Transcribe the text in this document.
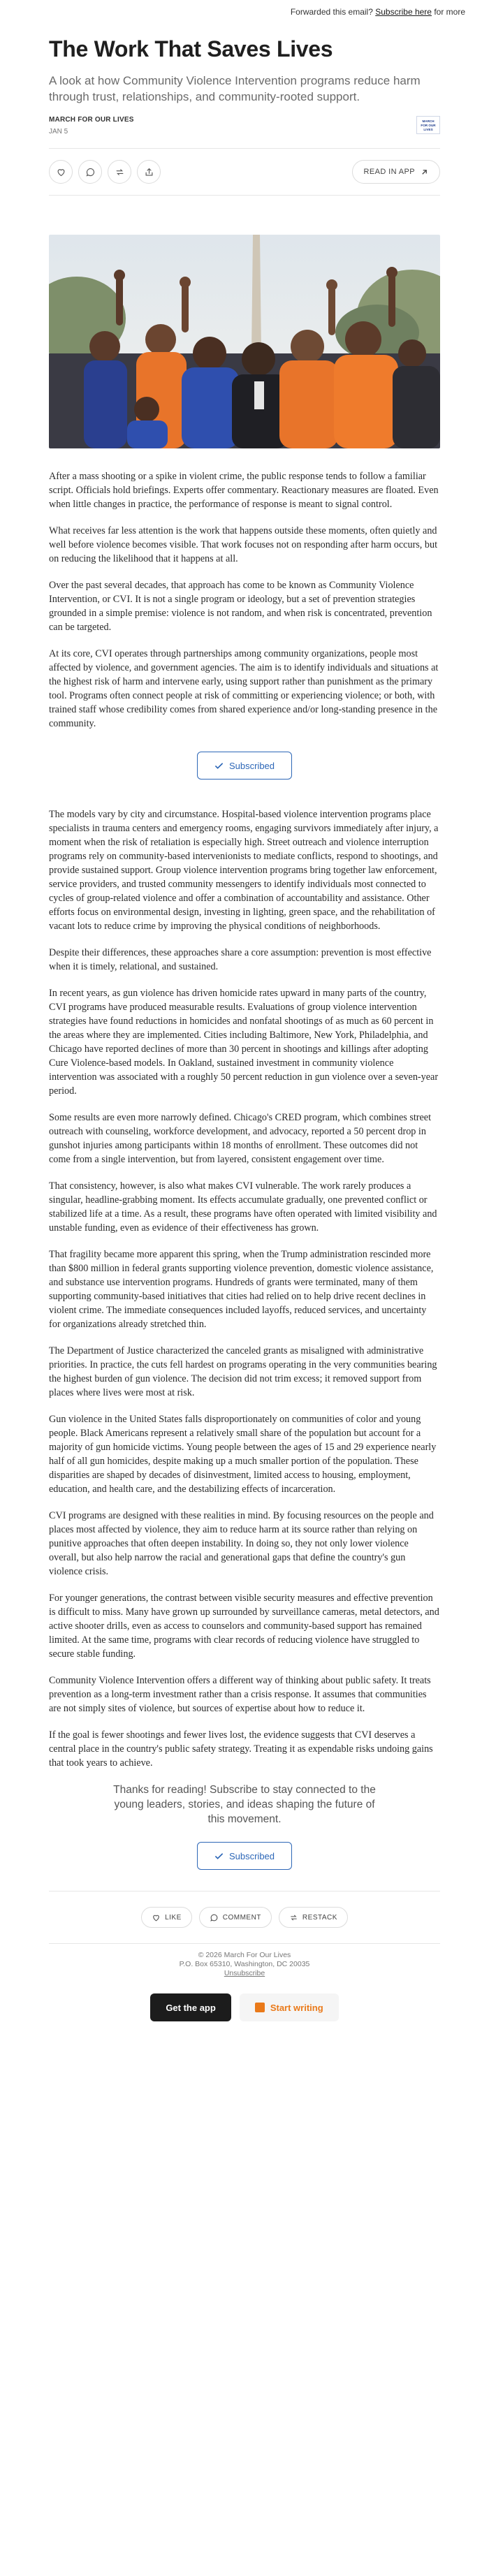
Forwarded this email? Subscribe here for more
The Work That Saves Lives
A look at how Community Violence Intervention programs reduce harm through trust, relationships, and community-rooted support.
MARCH FOR OUR LIVES
JAN 5
MARCH
FOR OUR
LIVES
READ IN APP

After a mass shooting or a spike in violent crime, the public response tends to follow a familiar script. Officials hold briefings. Experts offer commentary. Reactionary measures are floated. Even when little changes in practice, the performance of response is meant to signal control.

What receives far less attention is the work that happens outside these moments, often quietly and well before violence becomes visible. That work focuses not on responding after harm occurs, but on reducing the likelihood that it happens at all.

Over the past several decades, that approach has come to be known as Community Violence Intervention, or CVI. It is not a single program or ideology, but a set of prevention strategies grounded in a simple premise: violence is not random, and when risk is concentrated, prevention can be targeted.

At its core, CVI operates through partnerships among community organizations, people most affected by violence, and government agencies. The aim is to identify individuals and situations at the highest risk of harm and intervene early, using support rather than punishment as the primary tool. Programs often connect people at risk of committing or experiencing violence; or both, with trained staff whose credibility comes from shared experience and/or long-standing presence in the community.

Subscribed

The models vary by city and circumstance. Hospital-based violence intervention programs place specialists in trauma centers and emergency rooms, engaging survivors immediately after injury, a moment when the risk of retaliation is especially high. Street outreach and violence interruption programs rely on community-based intervenionists to mediate conflicts, respond to shootings, and provide sustained support. Group violence intervention programs bring together law enforcement, service providers, and trusted community messengers to identify individuals most connected to cycles of group-related violence and offer a combination of accountability and assistance. Other efforts focus on environmental design, investing in lighting, green space, and the rehabilitation of vacant lots to reduce crime by improving the physical conditions of neighborhoods.

Despite their differences, these approaches share a core assumption: prevention is most effective when it is timely, relational, and sustained.

In recent years, as gun violence has driven homicide rates upward in many parts of the country, CVI programs have produced measurable results. Evaluations of group violence intervention strategies have found reductions in homicides and nonfatal shootings of as much as 60 percent in the areas where they are implemented. Cities including Baltimore, New York, Philadelphia, and Chicago have reported declines of more than 30 percent in shootings and killings after adopting Cure Violence-based models. In Oakland, sustained investment in community violence intervention was associated with a roughly 50 percent reduction in gun violence over a seven-year period.

Some results are even more narrowly defined. Chicago's CRED program, which combines street outreach with counseling, workforce development, and advocacy, reported a 50 percent drop in gunshot injuries among participants within 18 months of enrollment. These outcomes did not come from a single intervention, but from layered, consistent engagement over time.

That consistency, however, is also what makes CVI vulnerable. The work rarely produces a singular, headline-grabbing moment. Its effects accumulate gradually, one prevented conflict or stabilized life at a time. As a result, these programs have often operated with limited visibility and unstable funding, even as evidence of their effectiveness has grown.

That fragility became more apparent this spring, when the Trump administration rescinded more than $800 million in federal grants supporting violence prevention, domestic violence assistance, and substance use intervention programs. Hundreds of grants were terminated, many of them supporting community-based initiatives that cities had relied on to help drive recent declines in violent crime. The immediate consequences included layoffs, reduced services, and uncertainty for organizations already stretched thin.

The Department of Justice characterized the canceled grants as misaligned with administrative priorities. In practice, the cuts fell hardest on programs operating in the very communities bearing the highest burden of gun violence. The decision did not trim excess; it removed support from places where lives were most at risk.

Gun violence in the United States falls disproportionately on communities of color and young people. Black Americans represent a relatively small share of the population but account for a majority of gun homicide victims. Young people between the ages of 15 and 29 experience nearly half of all gun homicides, despite making up a much smaller portion of the population. These disparities are shaped by decades of disinvestment, limited access to housing, employment, education, and health care, and the destabilizing effects of incarceration.

CVI programs are designed with these realities in mind. By focusing resources on the people and places most affected by violence, they aim to reduce harm at its source rather than relying on punitive approaches that often deepen instability. In doing so, they not only lower violence overall, but also help narrow the racial and generational gaps that define the country's gun violence crisis.

For younger generations, the contrast between visible security measures and effective prevention is difficult to miss. Many have grown up surrounded by surveillance cameras, metal detectors, and active shooter drills, even as access to counselors and community-based support has remained limited. At the same time, programs with clear records of reducing violence have struggled to secure stable funding.

Community Violence Intervention offers a different way of thinking about public safety. It treats prevention as a long-term investment rather than a crisis response. It assumes that communities are not simply sites of violence, but sources of expertise about how to reduce it.

If the goal is fewer shootings and fewer lives lost, the evidence suggests that CVI deserves a central place in the country's public safety strategy. Treating it as expendable risks undoing gains that took years to achieve.

Thanks for reading! Subscribe to stay connected to the young leaders, stories, and ideas shaping the future of this movement.
Subscribed
LIKE	COMMENT	RESTACK
© 2026 March For Our Lives
P.O. Box 65310, Washington, DC 20035
Unsubscribe
Get the app	Start writing
